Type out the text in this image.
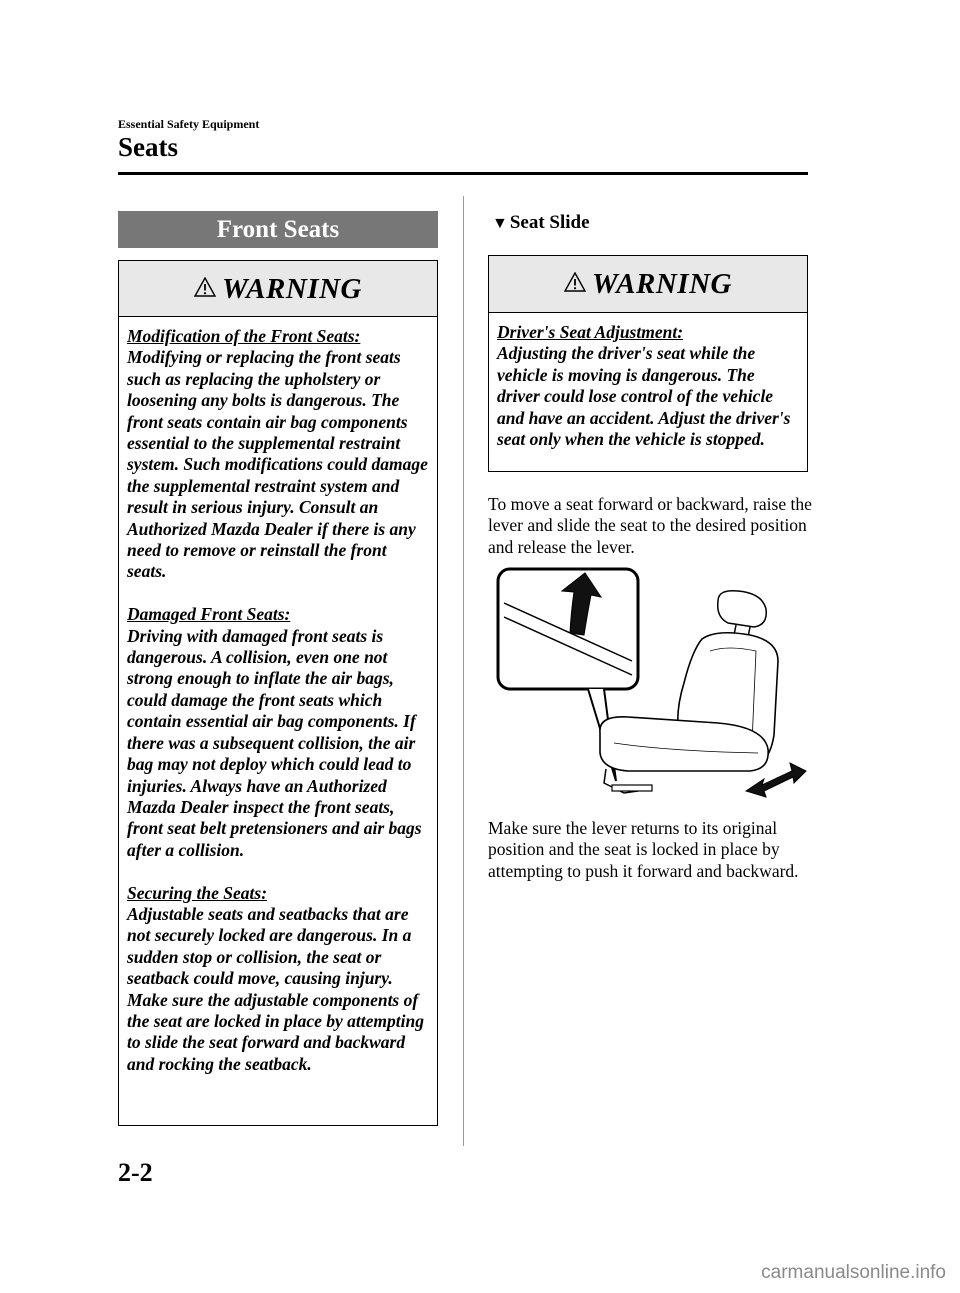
Essential Safety Equipment
Seats
Front Seats
WARNING

Modification of the Front Seats:

Modifying or replacing the front seats such as replacing the upholstery or loosening any bolts is dangerous. The front seats contain air bag components essential to the supplemental restraint system. Such modifications could damage the supplemental restraint system and result in serious injury. Consult an Authorized Mazda Dealer if there is any need to remove or reinstall the front seats.

Damaged Front Seats:

Driving with damaged front seats is dangerous. A collision, even one not strong enough to inflate the air bags, could damage the front seats which contain essential air bag components. If there was a subsequent collision, the air bag may not deploy which could lead to injuries. Always have an Authorized Mazda Dealer inspect the front seats, front seat belt pretensioners and air bags after a collision.

Securing the Seats:

Adjustable seats and seatbacks that are not securely locked are dangerous. In a sudden stop or collision, the seat or seatback could move, causing injury. Make sure the adjustable components of the seat are locked in place by attempting to slide the seat forward and backward and rocking the seatback.

▼ Seat Slide
WARNING

Driver's Seat Adjustment:

Adjusting the driver's seat while the vehicle is moving is dangerous. The driver could lose control of the vehicle and have an accident. Adjust the driver's seat only when the vehicle is stopped.

To move a seat forward or backward, raise the lever and slide the seat to the desired position and release the lever.

Make sure the lever returns to its original position and the seat is locked in place by attempting to push it forward and backward.

2-2
carmanualsonline.info
